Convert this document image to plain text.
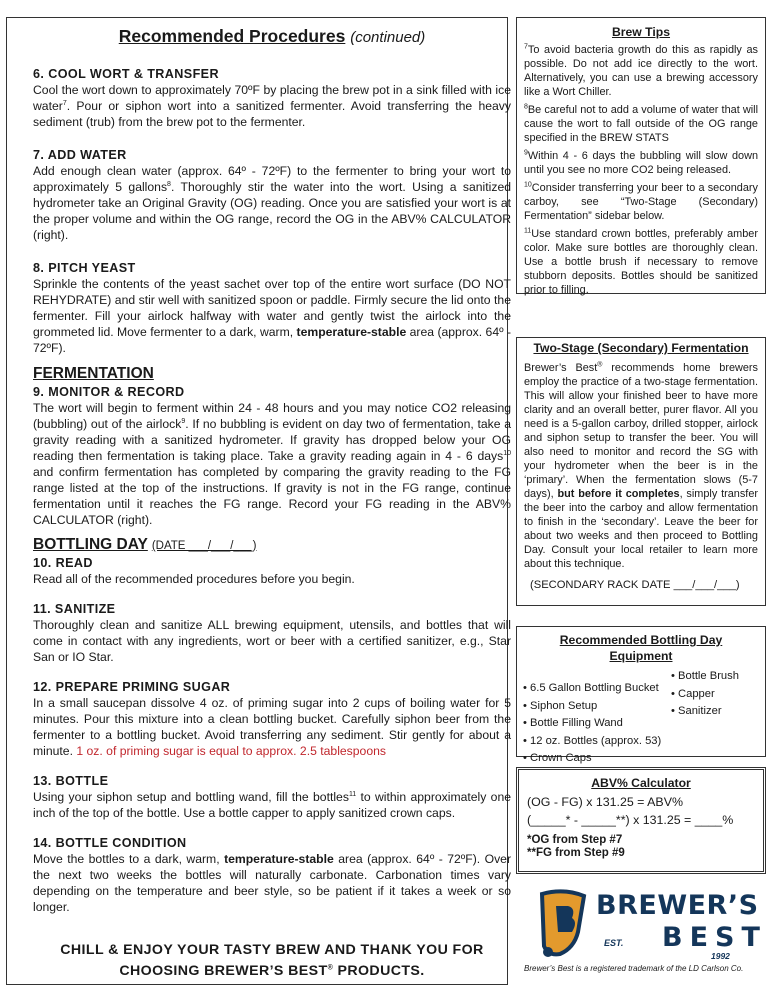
Recommended Procedures (continued)
6. COOL WORT & TRANSFER
Cool the wort down to approximately 70ºF by placing the brew pot in a sink filled with ice water$^7$. Pour or siphon wort into a sanitized fermenter. Avoid transferring the heavy sediment (trub) from the brew pot to the fermenter.
7. ADD WATER
Add enough clean water (approx. 64º - 72ºF) to the fermenter to bring your wort to approximately 5 gallons$^8$. Thoroughly stir the water into the wort. Using a sanitized hydrometer take an Original Gravity (OG) reading. Once you are satisfied your wort is at the proper volume and within the OG range, record the OG in the ABV% CALCULATOR (right).
8. PITCH YEAST
Sprinkle the contents of the yeast sachet over top of the entire wort surface (DO NOT REHYDRATE) and stir well with sanitized spoon or paddle. Firmly secure the lid onto the fermenter. Fill your airlock halfway with water and gently twist the airlock into the grommeted lid. Move fermenter to a dark, warm, temperature-stable area (approx. 64º - 72ºF).
FERMENTATION
9. MONITOR & RECORD
The wort will begin to ferment within 24 - 48 hours and you may notice CO2 releasing (bubbling) out of the airlock$^9$. If no bubbling is evident on day two of fermentation, take a gravity reading with a sanitized hydrometer. If gravity has dropped below your OG reading then fermentation is taking place. Take a gravity reading again in 4 - 6 days$^{10}$ and confirm fermentation has completed by comparing the gravity reading to the FG range listed at the top of the instructions. If gravity is not in the FG range, continue fermentation until it reaches the FG range. Record your FG reading in the ABV% CALCULATOR (right).
BOTTLING DAY (DATE ___/___/___)
10. READ
Read all of the recommended procedures before you begin.
11. SANITIZE
Thoroughly clean and sanitize ALL brewing equipment, utensils, and bottles that will come in contact with any ingredients, wort or beer with a certified sanitizer, e.g., Star San or IO Star.
12. PREPARE PRIMING SUGAR
In a small saucepan dissolve 4 oz. of priming sugar into 2 cups of boiling water for 5 minutes. Pour this mixture into a clean bottling bucket. Carefully siphon beer from the fermenter to a bottling bucket. Avoid transferring any sediment. Stir gently for about a minute. 1 oz. of priming sugar is equal to approx. 2.5 tablespoons
13. BOTTLE
Using your siphon setup and bottling wand, fill the bottles$^{11}$ to within approximately one inch of the top of the bottle. Use a bottle capper to apply sanitized crown caps.
14. BOTTLE CONDITION
Move the bottles to a dark, warm, temperature-stable area (approx. 64º - 72ºF). Over the next two weeks the bottles will naturally carbonate. Carbonation times vary depending on the temperature and beer style, so be patient if it takes a week or so longer.
CHILL & ENJOY YOUR TASTY BREW AND THANK YOU FOR
CHOOSING BREWER’S BEST® PRODUCTS.
Brew Tips
$^7$To avoid bacteria growth do this as rapidly as possible. Do not add ice directly to the wort. Alternatively, you can use a brewing accessory like a Wort Chiller.
$^8$Be careful not to add a volume of water that will cause the wort to fall outside of the OG range specified in the BREW STATS
$^9$Within 4 - 6 days the bubbling will slow down until you see no more CO2 being released.
$^{10}$Consider transferring your beer to a secondary carboy, see “Two-Stage (Secondary) Fermentation” sidebar below.
$^{11}$Use standard crown bottles, preferably amber color. Make sure bottles are thoroughly clean. Use a bottle brush if necessary to remove stubborn deposits. Bottles should be sanitized prior to filling.
Two-Stage (Secondary) Fermentation
Brewer’s Best® recommends home brewers employ the practice of a two-stage fermentation. This will allow your finished beer to have more clarity and an overall better, purer flavor. All you need is a 5-gallon carboy, drilled stopper, airlock and siphon setup to transfer the beer. You will also need to monitor and record the SG with your hydrometer when the beer is in the ‘primary’. When the fermentation slows (5-7 days), but before it completes, simply transfer the beer into the carboy and allow fermentation to finish in the ‘secondary’. Leave the beer for about two weeks and then proceed to Bottling Day. Consult your local retailer to learn more about this technique.
(SECONDARY RACK DATE ___/___/___)
Recommended Bottling Day
Equipment
• 6.5 Gallon Bottling Bucket
• Siphon Setup
• Bottle Filling Wand
• 12 oz. Bottles (approx. 53)
• Crown Caps
• Bottle Brush
• Capper
• Sanitizer
ABV% Calculator
(OG - FG) x 131.25 = ABV%
(_____* - _____**) x 131.25 = ____%
*OG from Step #7
**FG from Step #9
BREWER’S
EST. BEST
1992
Brewer’s Best is a registered trademark of the LD Carlson Co.
